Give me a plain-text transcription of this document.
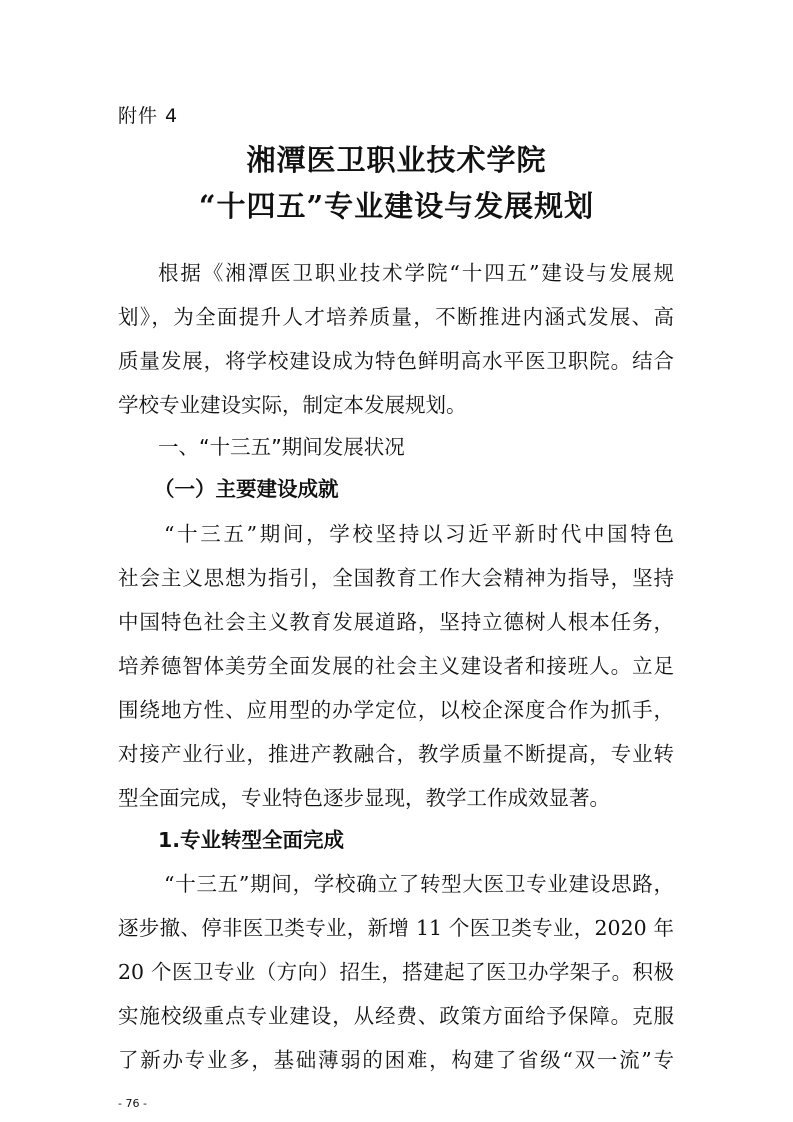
附件 4
湘潭医卫职业技术学院
“十四五”专业建设与发展规划
根据《湘潭医卫职业技术学院“十四五”建设与发展规
划》，为全面提升人才培养质量，不断推进内涵式发展、高
质量发展，将学校建设成为特色鲜明高水平医卫职院。结合
学校专业建设实际，制定本发展规划。
一、“十三五”期间发展状况
（一）主要建设成就
“十三五”期间，学校坚持以习近平新时代中国特色
社会主义思想为指引，全国教育工作大会精神为指导，坚持
中国特色社会主义教育发展道路，坚持立德树人根本任务，
培养德智体美劳全面发展的社会主义建设者和接班人。立足
围绕地方性、应用型的办学定位，以校企深度合作为抓手，
对接产业行业，推进产教融合，教学质量不断提高，专业转
型全面完成，专业特色逐步显现，教学工作成效显著。
1.专业转型全面完成
“十三五”期间，学校确立了转型大医卫专业建设思路，
逐步撤、停非医卫类专业，新增 11 个医卫类专业，2020 年
20 个医卫专业（方向）招生，搭建起了医卫办学架子。积极
实施校级重点专业建设，从经费、政策方面给予保障。克服
了新办专业多，基础薄弱的困难，构建了省级“双一流”专
- 76 -
